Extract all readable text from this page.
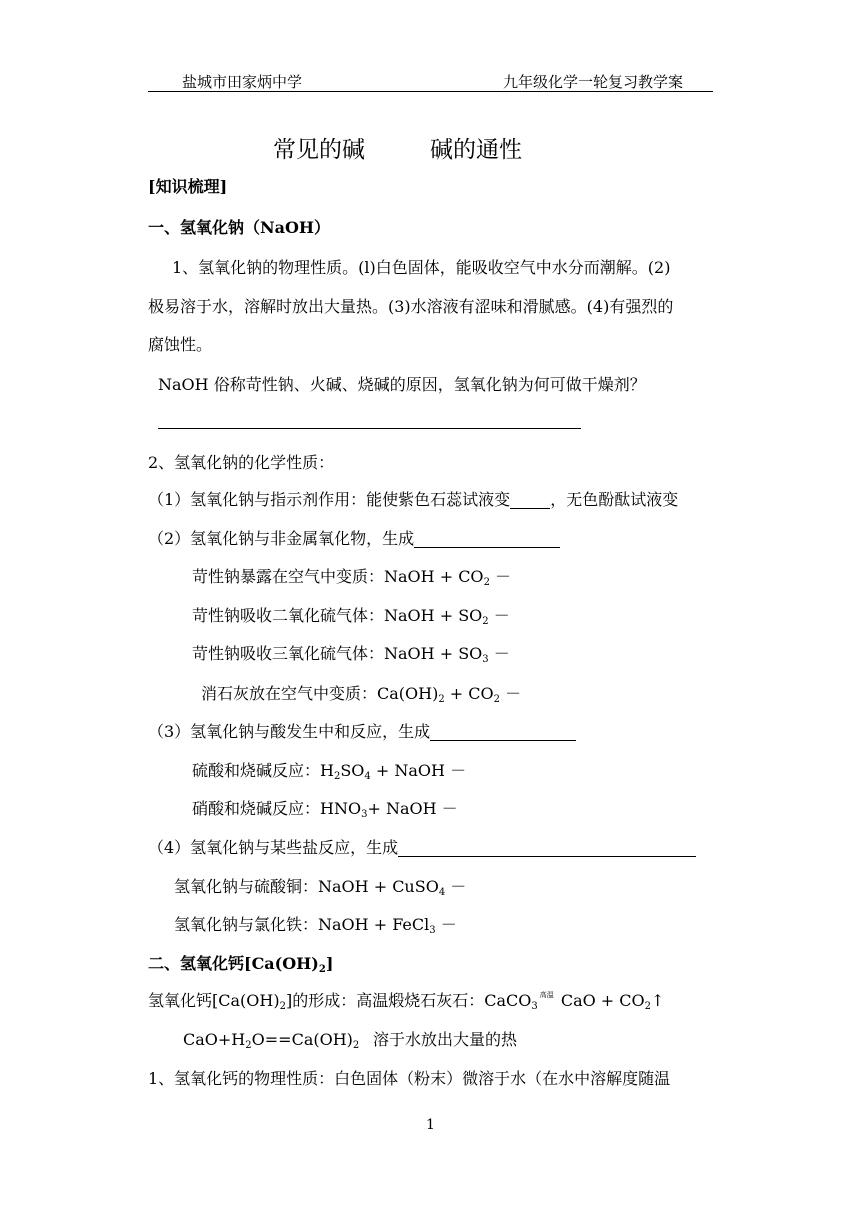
盐城市田家炳中学	九年级化学一轮复习教学案
常见的碱	碱的通性
[知识梳理]
一、氢氧化钠（NaOH）
1、氢氧化钠的物理性质。(l)白色固体，能吸收空气中水分而潮解。(2)
极易溶于水，溶解时放出大量热。(3)水溶液有涩味和滑腻感。(4)有强烈的
腐蚀性。
NaOH 俗称苛性钠、火碱、烧碱的原因，氢氧化钠为何可做干燥剂？
2、氢氧化钠的化学性质：
（1）氢氧化钠与指示剂作用：能使紫色石蕊试液变	，无色酚酞试液变
（2）氢氧化钠与非金属氧化物，生成
苛性钠暴露在空气中变质：NaOH + $CO_2$ －
苛性钠吸收二氧化硫气体：NaOH + $SO_2$ －
苛性钠吸收三氧化硫气体：NaOH + $SO_3$ －
消石灰放在空气中变质：$Ca(OH)_2 + CO_2$ －
（3）氢氧化钠与酸发生中和反应，生成
硫酸和烧碱反应：$H_2SO_4$ + NaOH －
硝酸和烧碱反应：$HNO_3+$ NaOH －
（4）氢氧化钠与某些盐反应，生成
氢氧化钠与硫酸铜：NaOH + CuSO$_4$ －
氢氧化钠与氯化铁：NaOH + FeCl$_3$ －
二、氢氧化钙$[Ca(OH)_2]$
氢氧化钙$[Ca(OH)_2]$的形成：高温煅烧石灰石：CaCO$_3^{高温}$ CaO + $CO_2↑$
$CaO+H_2O==Ca(OH)_2$ 溶于水放出大量的热
1、氢氧化钙的物理性质：白色固体（粉末）微溶于水（在水中溶解度随温
1
